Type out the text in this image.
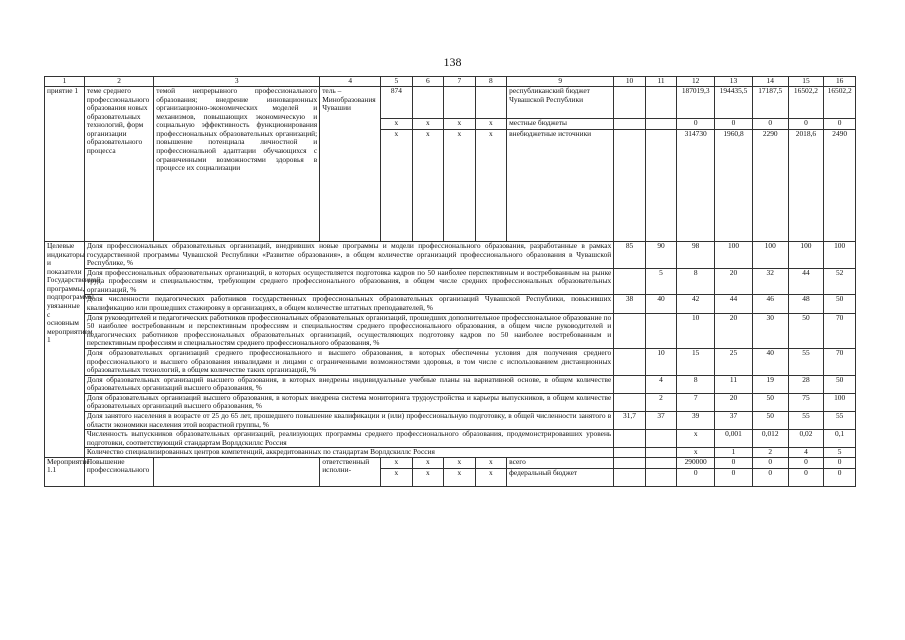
138
1	2	3	4	5	6	7	8	9	10	11	12	13	14	15	16
приятие 1	теме среднего профессионального образования новых образовательных технологий, форм организации образовательного процесса	темой непрерывного профессионального образования; внедрение инновационных организационно-экономических моделей и механизмов, повышающих экономическую и социальную эффективность функционирования профессиональных образовательных организаций; повышение потенциала личностной и профессиональной адаптации обучающихся с ограниченными возможностями здоровья в процессе их социализации	тель – Минобразования Чувашии	874				республиканский бюджет Чувашской Республики			187019,3	194435,5	17187,5	16502,2	16502,2
				x	x	x	x	местные бюджеты			0	0	0	0	0
				x	x	x	x	внебюджетные источники			314730	1960,8	2290	2018,6	2490
Целевые индикаторы и показатели Государственной программы, подпрограммы, увязанные с основным мероприятием 1	Доля профессиональных образовательных организаций, внедривших новые программы и модели профессионального образования, разработанные в рамках государственной программы Чувашской Республики «Развитие образования», в общем количестве организаций профессионального образования в Чувашской Республике, %								85	90	98	100	100	100	100
	Доля профессиональных образовательных организаций, в которых осуществляется подготовка кадров по 50 наиболее перспективным и востребованным на рынке труда профессиям и специальностям, требующим среднего профессионального образования, в общем числе средних профессиональных образовательных организаций, %									5	8	20	32	44	52
	Доля численности педагогических работников государственных профессиональных образовательных организаций Чувашской Республики, повысивших квалификацию или прошедших стажировку в организациях, в общем количестве штатных преподавателей, %								38	40	42	44	46	48	50
	Доля руководителей и педагогических работников профессиональных образовательных организаций, прошедших дополнительное профессиональное образование по 50 наиболее востребованным и перспективным профессиям и специальностям среднего профессионального образования, в общем числе руководителей и педагогических работников профессиональных образовательных организаций, осуществляющих подготовку кадров по 50 наиболее востребованным и перспективным профессиям и специальностям среднего профессионального образования, %										10	20	30	50	70
	Доля образовательных организаций среднего профессионального и высшего образования, в которых обеспечены условия для получения среднего профессионального и высшего образования инвалидами и лицами с ограниченными возможностями здоровья, в том числе с использованием дистанционных образовательных технологий, в общем количестве таких организаций, %									10	15	25	40	55	70
	Доля образовательных организаций высшего образования, в которых внедрены индивидуальные учебные планы на вариативной основе, в общем количестве образовательных организаций высшего образования, %									4	8	11	19	28	50
	Доля образовательных организаций высшего образования, в которых внедрена система мониторинга трудоустройства и карьеры выпускников, в общем количестве образовательных организаций высшего образования, %									2	7	20	50	75	100
	Доля занятого населения в возрасте от 25 до 65 лет, прошедшего повышение квалификации и (или) профессиональную подготовку, в общей численности занятого в области экономики населения этой возрастной группы, %								31,7	37	39	37	50	55	55
	Численность выпускников образовательных организаций, реализующих программы среднего профессионального образования, продемонстрировавших уровень подготовки, соответствующий стандартам Ворлдскиллс Россия										x	0,001	0,012	0,02	0,1
	Количество специализированных центров компетенций, аккредитованных по стандартам Ворлдскиллс Россия										x	1	2	4	5
Мероприятие 1.1	Повышение профессионального		ответственный исполни-	x	x	x	x	всего			290000	0	0	0	0
				x	x	x	x	федеральный бюджет			0	0	0	0	0
